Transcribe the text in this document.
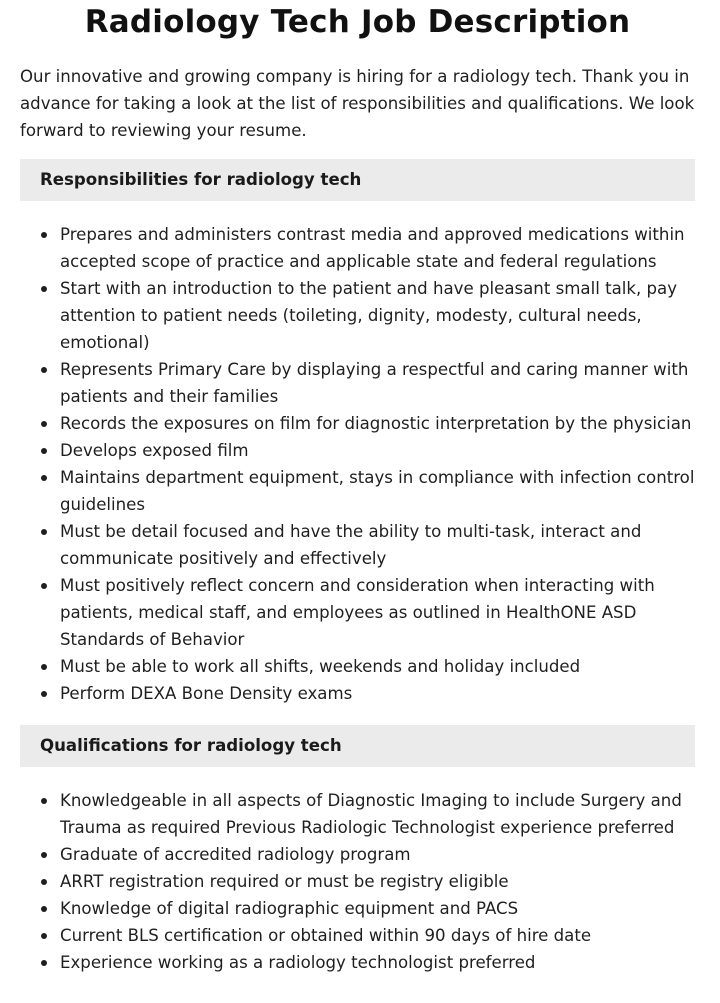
Radiology Tech Job Description

Our innovative and growing company is hiring for a radiology tech. Thank you in advance for taking a look at the list of responsibilities and qualifications. We look forward to reviewing your resume.

Responsibilities for radiology tech
Prepares and administers contrast media and approved medications within accepted scope of practice and applicable state and federal regulations
Start with an introduction to the patient and have pleasant small talk, pay attention to patient needs (toileting, dignity, modesty, cultural needs, emotional)
Represents Primary Care by displaying a respectful and caring manner with patients and their families
Records the exposures on film for diagnostic interpretation by the physician
Develops exposed film
Maintains department equipment, stays in compliance with infection control guidelines
Must be detail focused and have the ability to multi-task, interact and communicate positively and effectively
Must positively reflect concern and consideration when interacting with patients, medical staff, and employees as outlined in HealthONE ASD Standards of Behavior
Must be able to work all shifts, weekends and holiday included
Perform DEXA Bone Density exams
Qualifications for radiology tech
Knowledgeable in all aspects of Diagnostic Imaging to include Surgery and Trauma as required Previous Radiologic Technologist experience preferred
Graduate of accredited radiology program
ARRT registration required or must be registry eligible
Knowledge of digital radiographic equipment and PACS
Current BLS certification or obtained within 90 days of hire date
Experience working as a radiology technologist preferred
